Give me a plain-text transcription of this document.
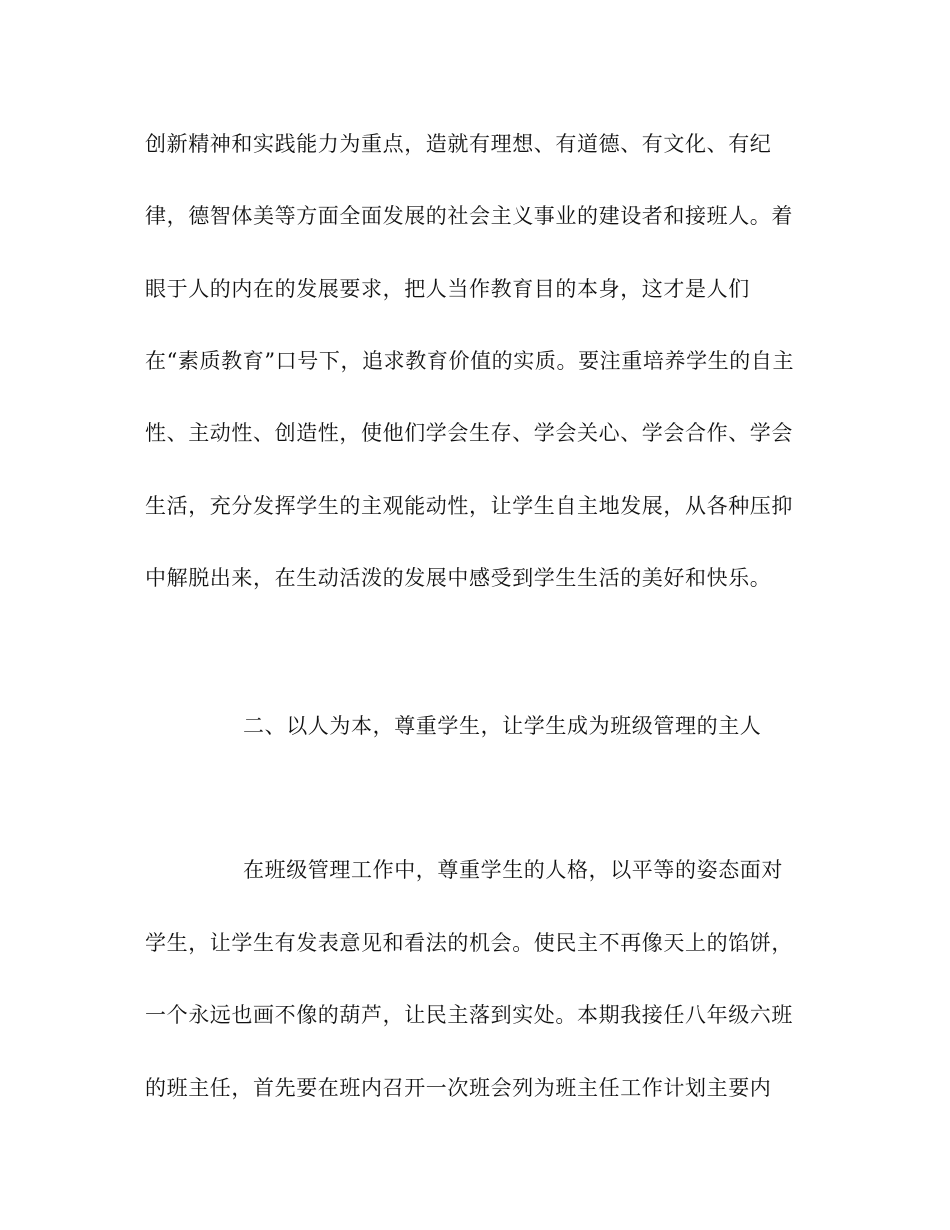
创新精神和实践能力为重点，造就有理想、有道德、有文化、有纪
律，德智体美等方面全面发展的社会主义事业的建设者和接班人。着
眼于人的内在的发展要求，把人当作教育目的本身，这才是人们
在“素质教育”口号下，追求教育价值的实质。要注重培养学生的自主
性、主动性、创造性，使他们学会生存、学会关心、学会合作、学会
生活，充分发挥学生的主观能动性，让学生自主地发展，从各种压抑
中解脱出来，在生动活泼的发展中感受到学生生活的美好和快乐。
二、以人为本，尊重学生，让学生成为班级管理的主人
在班级管理工作中，尊重学生的人格，以平等的姿态面对
学生，让学生有发表意见和看法的机会。使民主不再像天上的馅饼，
一个永远也画不像的葫芦，让民主落到实处。本期我接任八年级六班
的班主任，首先要在班内召开一次班会列为班主任工作计划主要内
